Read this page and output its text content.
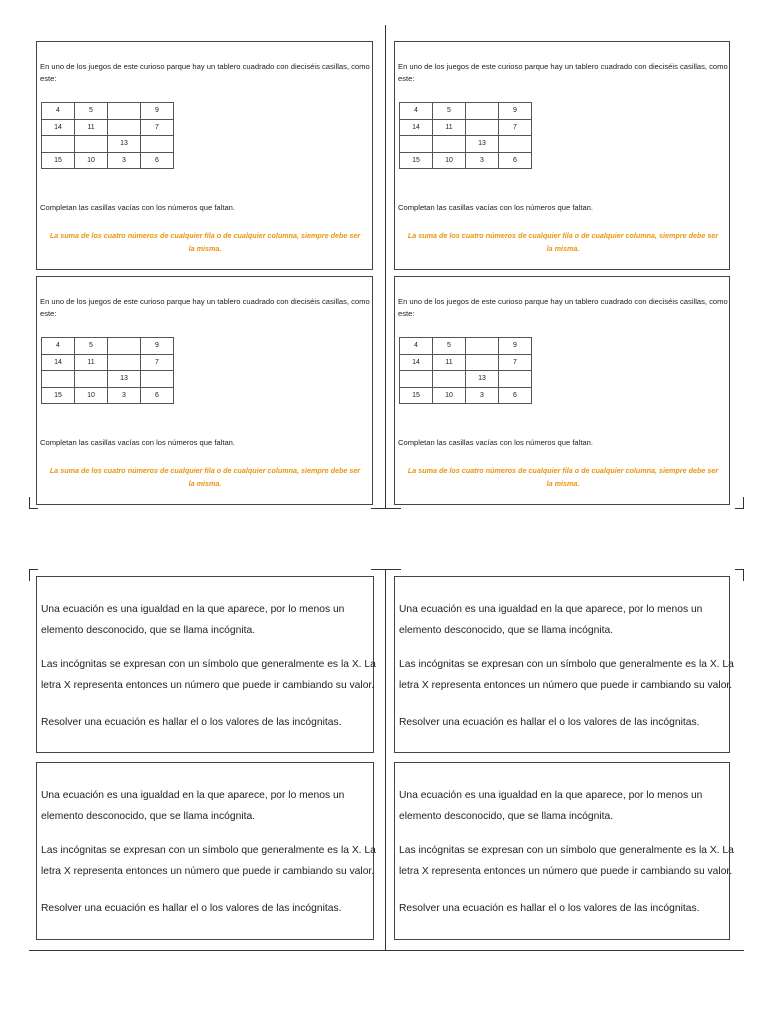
En uno de los juegos de este curioso parque hay un tablero cuadrado con dieciséis casillas, como este:
4	5		9
14	11		7
		13	
15	10	3	6
Completan las casillas vacías con los números que faltan.
La suma de los cuatro números de cualquier fila o de cualquier columna, siempre debe ser la misma.
En uno de los juegos de este curioso parque hay un tablero cuadrado con dieciséis casillas, como este:
4	5		9
14	11		7
		13	
15	10	3	6
Completan las casillas vacías con los números que faltan.
La suma de los cuatro números de cualquier fila o de cualquier columna, siempre debe ser la misma.
En uno de los juegos de este curioso parque hay un tablero cuadrado con dieciséis casillas, como este:
4	5		9
14	11		7
		13	
15	10	3	6
Completan las casillas vacías con los números que faltan.
La suma de los cuatro números de cualquier fila o de cualquier columna, siempre debe ser la misma.
En uno de los juegos de este curioso parque hay un tablero cuadrado con dieciséis casillas, como este:
4	5		9
14	11		7
		13	
15	10	3	6
Completan las casillas vacías con los números que faltan.
La suma de los cuatro números de cualquier fila o de cualquier columna, siempre debe ser la misma.

Una ecuación es una igualdad en la que aparece, por lo menos un elemento desconocido, que se llama incógnita.

Las incógnitas se expresan con un símbolo que generalmente es la X. La letra X representa entonces un número que puede ir cambiando su valor.

Resolver una ecuación es hallar el o los valores de las incógnitas.

Una ecuación es una igualdad en la que aparece, por lo menos un elemento desconocido, que se llama incógnita.

Las incógnitas se expresan con un símbolo que generalmente es la X. La letra X representa entonces un número que puede ir cambiando su valor.

Resolver una ecuación es hallar el o los valores de las incógnitas.

Una ecuación es una igualdad en la que aparece, por lo menos un elemento desconocido, que se llama incógnita.

Las incógnitas se expresan con un símbolo que generalmente es la X. La letra X representa entonces un número que puede ir cambiando su valor.

Resolver una ecuación es hallar el o los valores de las incógnitas.

Una ecuación es una igualdad en la que aparece, por lo menos un elemento desconocido, que se llama incógnita.

Las incógnitas se expresan con un símbolo que generalmente es la X. La letra X representa entonces un número que puede ir cambiando su valor.

Resolver una ecuación es hallar el o los valores de las incógnitas.
